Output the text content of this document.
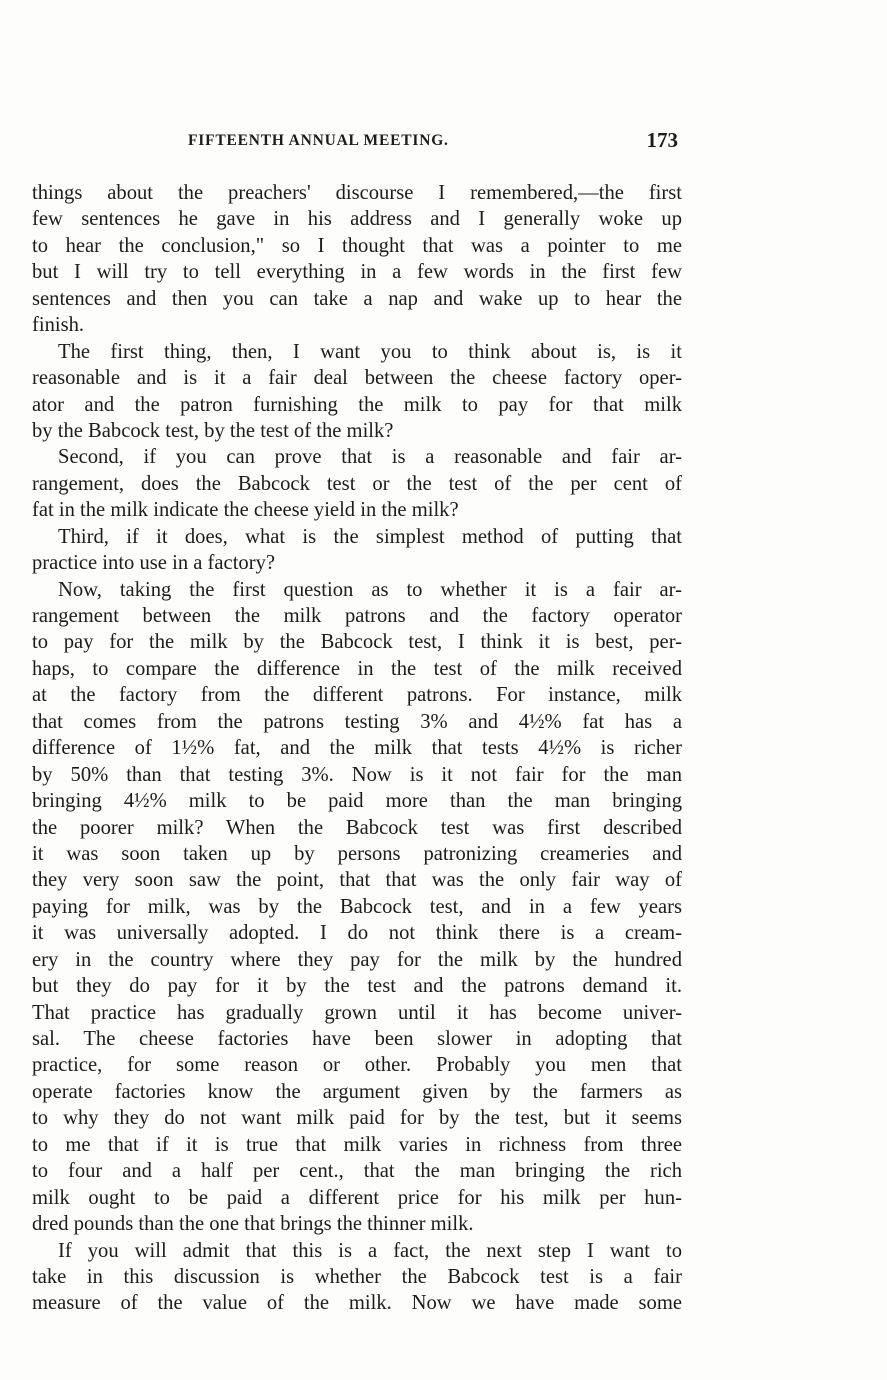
FIFTEENTH ANNUAL MEETING.	173
things about the preachers' discourse I remembered,—the first
few sentences he gave in his address and I generally woke up
to hear the conclusion," so I thought that was a pointer to me
but I will try to tell everything in a few words in the first few
sentences and then you can take a nap and wake up to hear the
finish.
The first thing, then, I want you to think about is, is it
reasonable and is it a fair deal between the cheese factory oper-
ator and the patron furnishing the milk to pay for that milk
by the Babcock test, by the test of the milk?
Second, if you can prove that is a reasonable and fair ar-
rangement, does the Babcock test or the test of the per cent of
fat in the milk indicate the cheese yield in the milk?
Third, if it does, what is the simplest method of putting that
practice into use in a factory?
Now, taking the first question as to whether it is a fair ar-
rangement between the milk patrons and the factory operator
to pay for the milk by the Babcock test, I think it is best, per-
haps, to compare the difference in the test of the milk received
at the factory from the different patrons. For instance, milk
that comes from the patrons testing 3% and 4½% fat has a
difference of 1½% fat, and the milk that tests 4½% is richer
by 50% than that testing 3%. Now is it not fair for the man
bringing 4½% milk to be paid more than the man bringing
the poorer milk? When the Babcock test was first described
it was soon taken up by persons patronizing creameries and
they very soon saw the point, that that was the only fair way of
paying for milk, was by the Babcock test, and in a few years
it was universally adopted. I do not think there is a cream-
ery in the country where they pay for the milk by the hundred
but they do pay for it by the test and the patrons demand it.
That practice has gradually grown until it has become univer-
sal. The cheese factories have been slower in adopting that
practice, for some reason or other. Probably you men that
operate factories know the argument given by the farmers as
to why they do not want milk paid for by the test, but it seems
to me that if it is true that milk varies in richness from three
to four and a half per cent., that the man bringing the rich
milk ought to be paid a different price for his milk per hun-
dred pounds than the one that brings the thinner milk.
If you will admit that this is a fact, the next step I want to
take in this discussion is whether the Babcock test is a fair
measure of the value of the milk. Now we have made some
